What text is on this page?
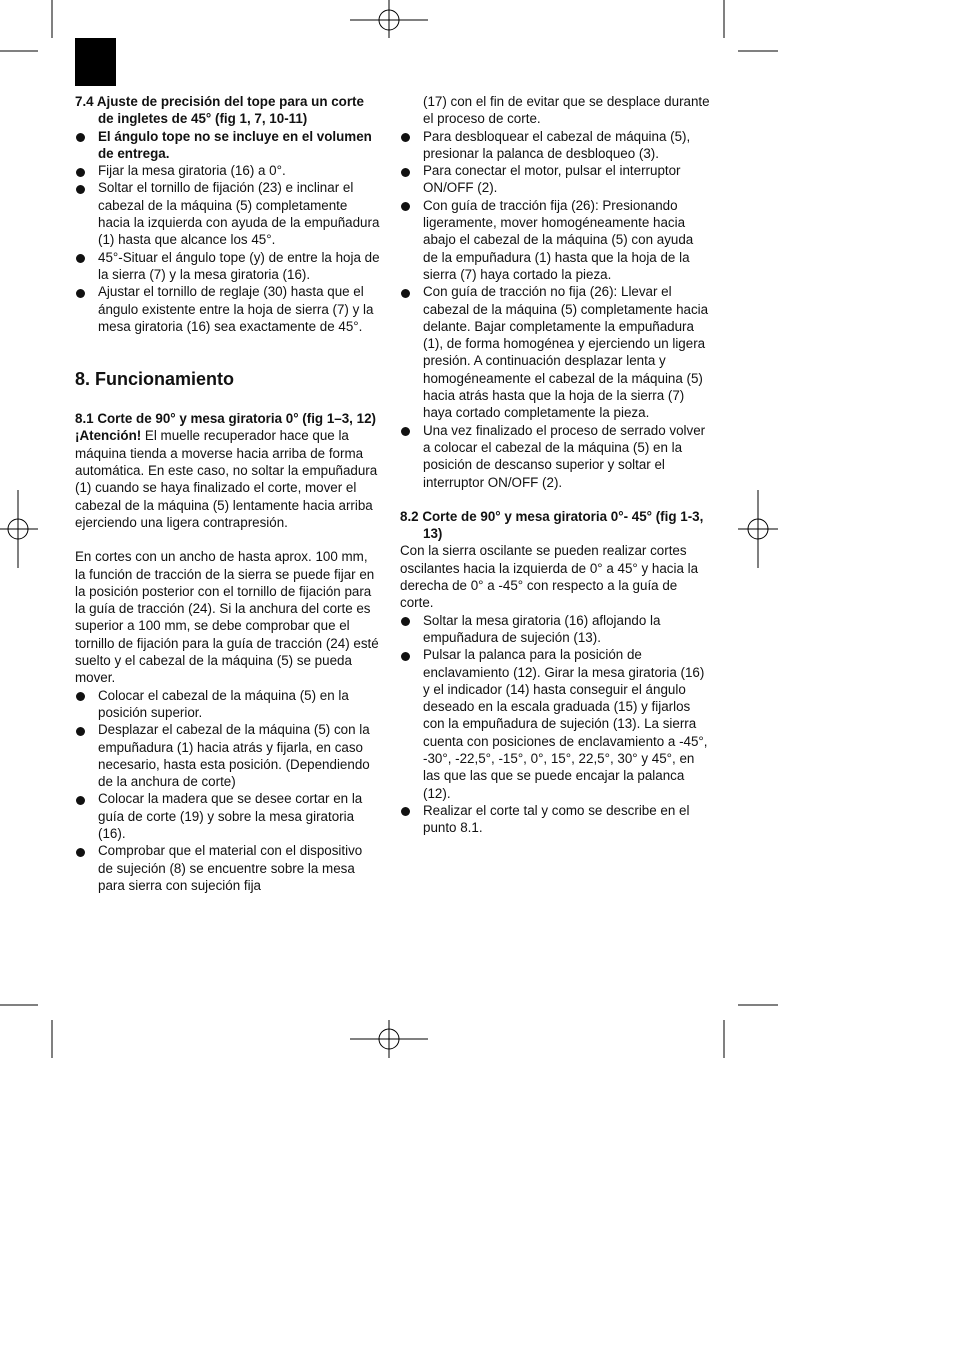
7.4 Ajuste de precisión del tope para un corte de ingletes de 45° (fig 1, 7, 10-11)

El ángulo tope no se incluye en el volumen de entrega.
Fijar la mesa giratoria (16) a 0°.
Soltar el tornillo de fijación (23) e inclinar el cabezal de la máquina (5) completamente hacia la izquierda con ayuda de la empuñadura (1) hasta que alcance los 45°.
45°-Situar el ángulo tope (y) de entre la hoja de la sierra (7) y la mesa giratoria (16).
Ajustar el tornillo de reglaje (30) hasta que el ángulo existente entre la hoja de sierra (7) y la mesa giratoria (16) sea exactamente de 45°.
8. Funcionamiento

8.1 Corte de 90° y mesa giratoria 0° (fig 1–3, 12)

¡Atención! El muelle recuperador hace que la máquina tienda a moverse hacia arriba de forma automática. En este caso, no soltar la empuñadura (1) cuando se haya finalizado el corte, mover el cabezal de la máquina (5) lentamente hacia arriba ejerciendo una ligera contrapresión.

En cortes con un ancho de hasta aprox. 100 mm, la función de tracción de la sierra se puede fijar en la posición posterior con el tornillo de fijación para la guía de tracción (24). Si la anchura del corte es superior a 100 mm, se debe comprobar que el tornillo de fijación para la guía de tracción (24) esté suelto y el cabezal de la máquina (5) se pueda mover.

Colocar el cabezal de la máquina (5) en la posición superior.
Desplazar el cabezal de la máquina (5) con la empuñadura (1) hacia atrás y fijarla, en caso necesario, hasta esta posición. (Dependiendo de la anchura de corte)
Colocar la madera que se desee cortar en la guía de corte (19) y sobre la mesa giratoria (16).
Comprobar que el material con el dispositivo de sujeción (8) se encuentre sobre la mesa para sierra con sujeción fija

(17) con el fin de evitar que se desplace durante el proceso de corte.

Para desbloquear el cabezal de máquina (5), presionar la palanca de desbloqueo (3).
Para conectar el motor, pulsar el interruptor ON/OFF (2).
Con guía de tracción fija (26): Presionando ligeramente, mover homogéneamente hacia abajo el cabezal de la máquina (5) con ayuda de la empuñadura (1) hasta que la hoja de la sierra (7) haya cortado la pieza.
Con guía de tracción no fija (26): Llevar el cabezal de la máquina (5) completamente hacia delante. Bajar completamente la empuñadura (1), de forma homogénea y ejerciendo un ligera presión. A continuación desplazar lenta y homogéneamente el cabezal de la máquina (5) hacia atrás hasta que la hoja de la sierra (7) haya cortado completamente la pieza.
Una vez finalizado el proceso de serrado volver a colocar el cabezal de la máquina (5) en la posición de descanso superior y soltar el interruptor ON/OFF (2).

8.2 Corte de 90° y mesa giratoria 0°- 45° (fig 1-3, 13)

Con la sierra oscilante se pueden realizar cortes oscilantes hacia la izquierda de 0° a 45° y hacia la derecha de 0° a -45° con respecto a la guía de corte.

Soltar la mesa giratoria (16) aflojando la empuñadura de sujeción (13).
Pulsar la palanca para la posición de enclavamiento (12). Girar la mesa giratoria (16) y el indicador (14) hasta conseguir el ángulo deseado en la escala graduada (15) y fijarlos con la empuñadura de sujeción (13). La sierra cuenta con posiciones de enclavamiento a -45°, -30°, -22,5°, -15°, 0°, 15°, 22,5°, 30° y 45°, en las que las que se puede encajar la palanca (12).
Realizar el corte tal y como se describe en el punto 8.1.
